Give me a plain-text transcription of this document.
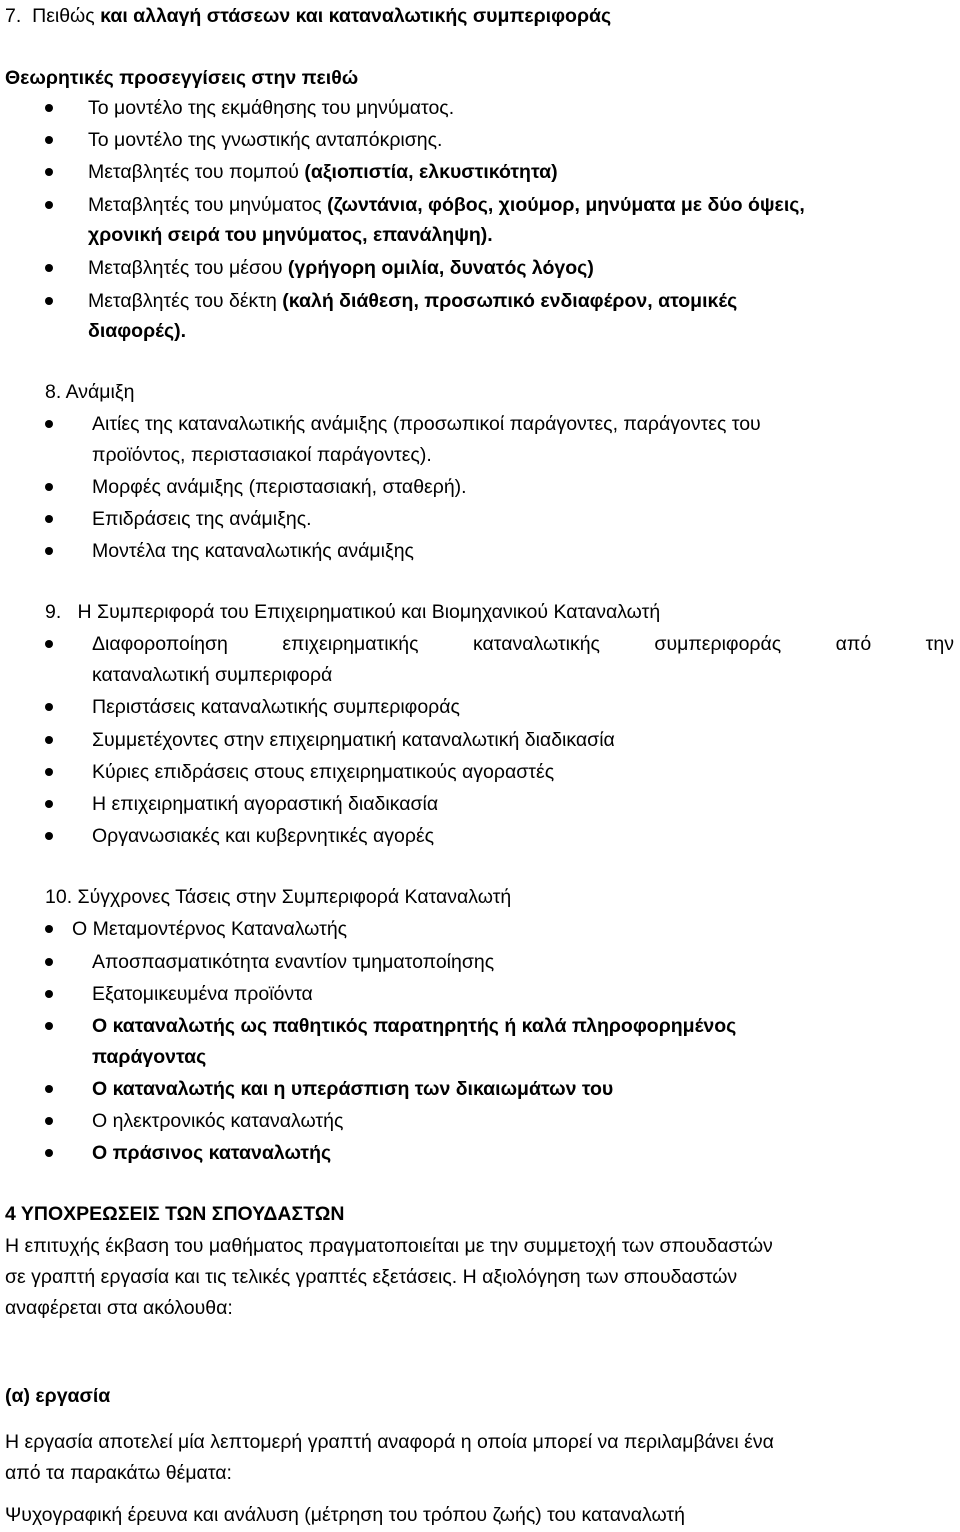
7. Πειθώς και αλλαγή στάσεων και καταναλωτικής συμπεριφοράς
Θεωρητικές προσεγγίσεις στην πειθώ
Το μοντέλο της εκμάθησης του μηνύματος.
Το μοντέλο της γνωστικής ανταπόκρισης.
Μεταβλητές του πομπού (αξιοπιστία, ελκυστικότητα)
Μεταβλητές του μηνύματος (ζωντάνια, φόβος, χιούμορ, μηνύματα με δύο όψεις,
χρονική σειρά του μηνύματος, επανάληψη).
Μεταβλητές του μέσου (γρήγορη ομιλία, δυνατός λόγος)
Μεταβλητές του δέκτη (καλή διάθεση, προσωπικό ενδιαφέρον, ατομικές
διαφορές).
8. Ανάμιξη
Αιτίες της καταναλωτικής ανάμιξης (προσωπικοί παράγοντες, παράγοντες του
προϊόντος, περιστασιακοί παράγοντες).
Μορφές ανάμιξης (περιστασιακή, σταθερή).
Επιδράσεις της ανάμιξης.
Μοντέλα της καταναλωτικής ανάμιξης
9. Η Συμπεριφορά του Επιχειρηματικού και Βιομηχανικού Καταναλωτή
Διαφοροποίηση επιχειρηματικής καταναλωτικής συμπεριφοράς από την
καταναλωτική συμπεριφορά
Περιστάσεις καταναλωτικής συμπεριφοράς
Συμμετέχοντες στην επιχειρηματική καταναλωτική διαδικασία
Κύριες επιδράσεις στους επιχειρηματικούς αγοραστές
Η επιχειρηματική αγοραστική διαδικασία
Οργανωσιακές και κυβερνητικές αγορές
10. Σύγχρονες Τάσεις στην Συμπεριφορά Καταναλωτή
Ο Μεταμοντέρνος Καταναλωτής
Αποσπασματικότητα εναντίον τμηματοποίησης
Εξατομικευμένα προϊόντα
Ο καταναλωτής ως παθητικός παρατηρητής ή καλά πληροφορημένος
παράγοντας
Ο καταναλωτής και η υπεράσπιση των δικαιωμάτων του
Ο ηλεκτρονικός καταναλωτής
Ο πράσινος καταναλωτής
4 ΥΠΟΧΡΕΩΣΕΙΣ ΤΩΝ ΣΠΟΥΔΑΣΤΩΝ
Η επιτυχής έκβαση του μαθήματος πραγματοποιείται με την συμμετοχή των σπουδαστών
σε γραπτή εργασία και τις τελικές γραπτές εξετάσεις. Η αξιολόγηση των σπουδαστών
αναφέρεται στα ακόλουθα:
(α) εργασία
Η εργασία αποτελεί μία λεπτομερή γραπτή αναφορά η οποία μπορεί να περιλαμβάνει ένα
από τα παρακάτω θέματα:
Ψυχογραφική έρευνα και ανάλυση (μέτρηση του τρόπου ζωής) του καταναλωτή
